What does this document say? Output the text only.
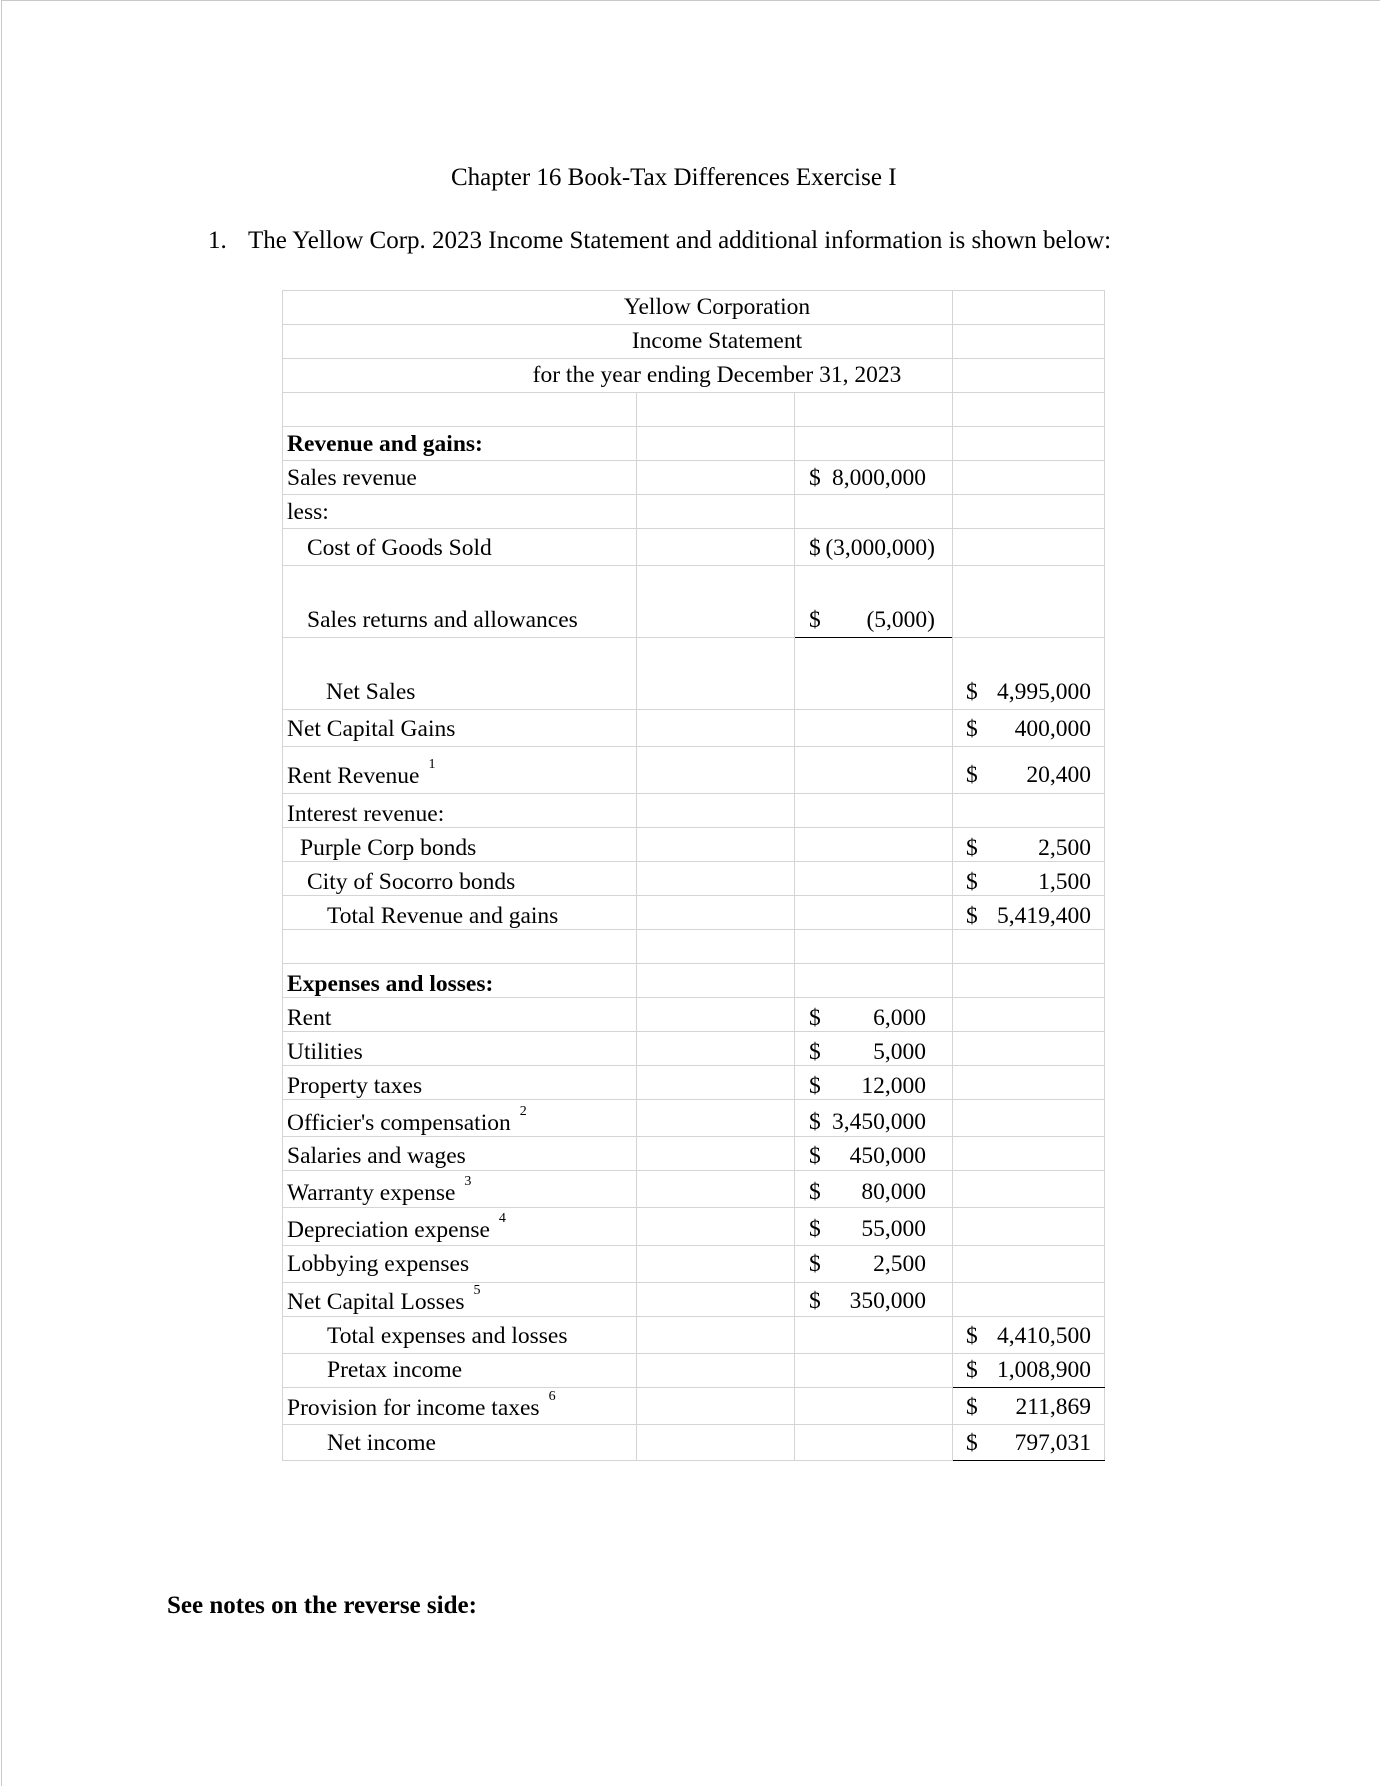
Chapter 16 Book-Tax Differences Exercise I
1. The Yellow Corp. 2023 Income Statement and additional information is shown below:
Yellow Corporation
Income Statement
for the year ending December 31, 2023
Revenue and gains:
Sales revenue	$ 8,000,000
less:
Cost of Goods Sold	$ (3,000,000)
Sales returns and allowances	$ (5,000)
Net Sales	$ 4,995,000
Net Capital Gains	$ 400,000
Rent Revenue $^1$	$ 20,400
Interest revenue:
Purple Corp bonds	$	2,500
City of Socorro bonds	$	1,500
Total Revenue and gains	$ 5,419,400
Expenses and losses:
Rent	$ 6,000
Utilities	$ 5,000
Property taxes	$ 12,000
Officier's compensation $^2$	$ 3,450,000
Salaries and wages	$ 450,000
Warranty expense $^3$	$ 80,000
Depreciation expense $^4$	$ 55,000
Lobbying expenses	$ 2,500
Net Capital Losses $^5$	$ 350,000
Total expenses and losses	$ 4,410,500
Pretax income	$ 1,008,900
Provision for income taxes $^6$	$ 211,869
Net income	$ 797,031
See notes on the reverse side:
